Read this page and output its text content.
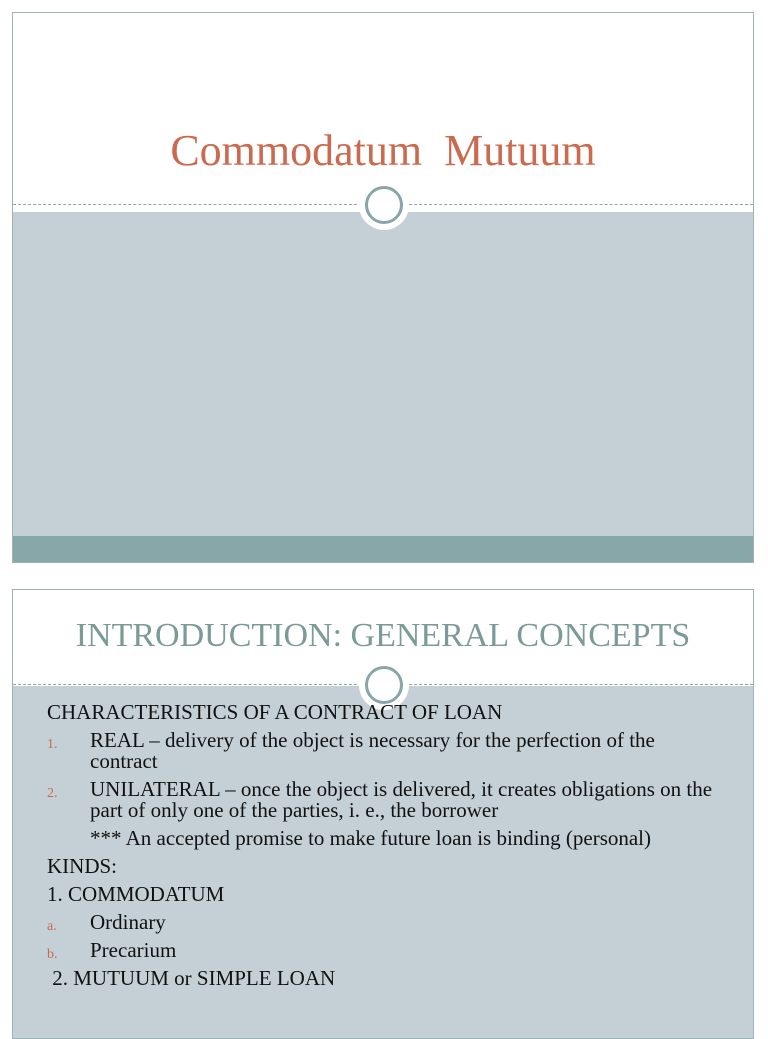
Commodatum  Mutuum
INTRODUCTION: GENERAL CONCEPTS

CHARACTERISTICS OF A CONTRACT OF LOAN

1. REAL – delivery of the object is necessary for the perfection of the contract
2. UNILATERAL – once the object is delivered, it creates obligations on the part of only one of the parties, i. e., the borrower
*** An accepted promise to make future loan is binding (personal)

KINDS:

1. COMMODATUM

a. Ordinary
b. Precarium

2. MUTUUM or SIMPLE LOAN
